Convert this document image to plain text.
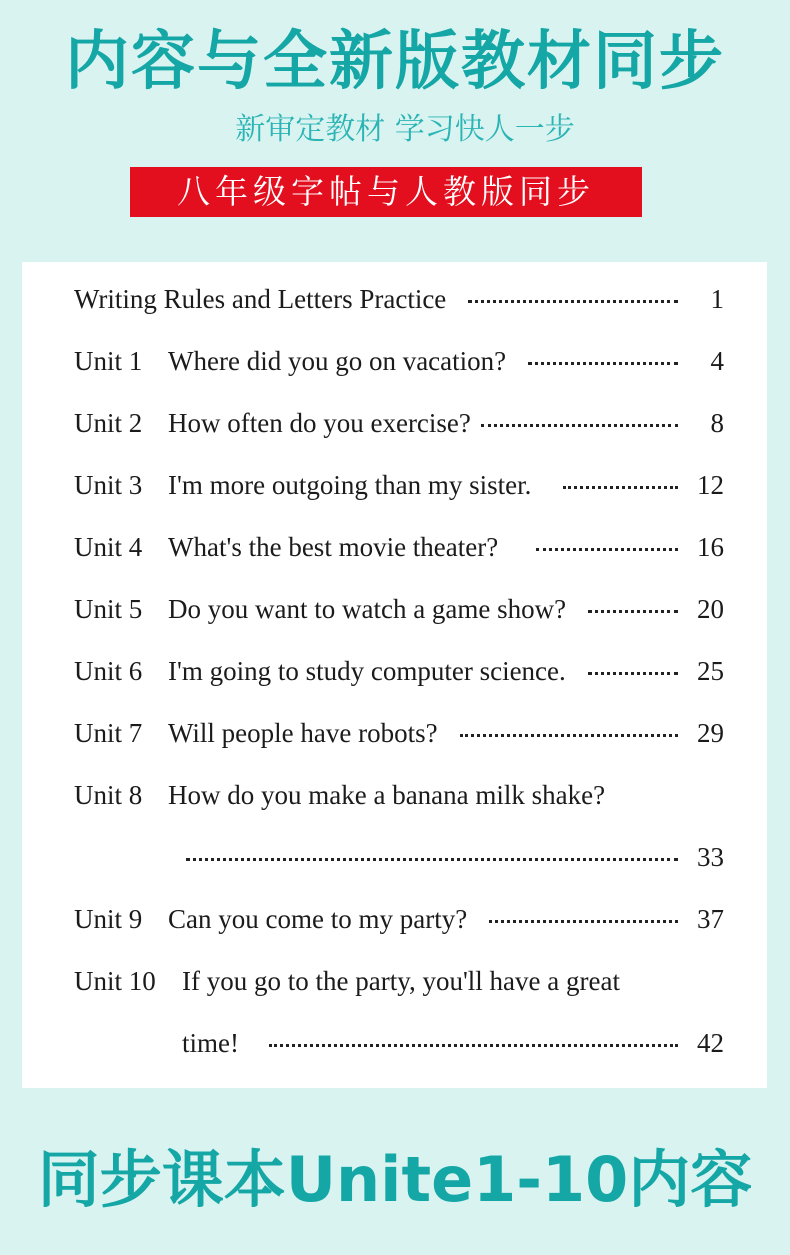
内容与全新版教材同步
新审定教材 学习快人一步
八年级字帖与人教版同步
Writing Rules and Letters Practice	1
Unit 1 Where did you go on vacation?	4
Unit 2 How often do you exercise?	8
Unit 3 I'm more outgoing than my sister.	12
Unit 4 What's the best movie theater?	16
Unit 5 Do you want to watch a game show?	20
Unit 6 I'm going to study computer science.	25
Unit 7 Will people have robots?	29
Unit 8 How do you make a banana milk shake?
33
Unit 9 Can you come to my party?	37
Unit 10 If you go to the party, you'll have a great
time!	42
同步课本Unite1-10内容
